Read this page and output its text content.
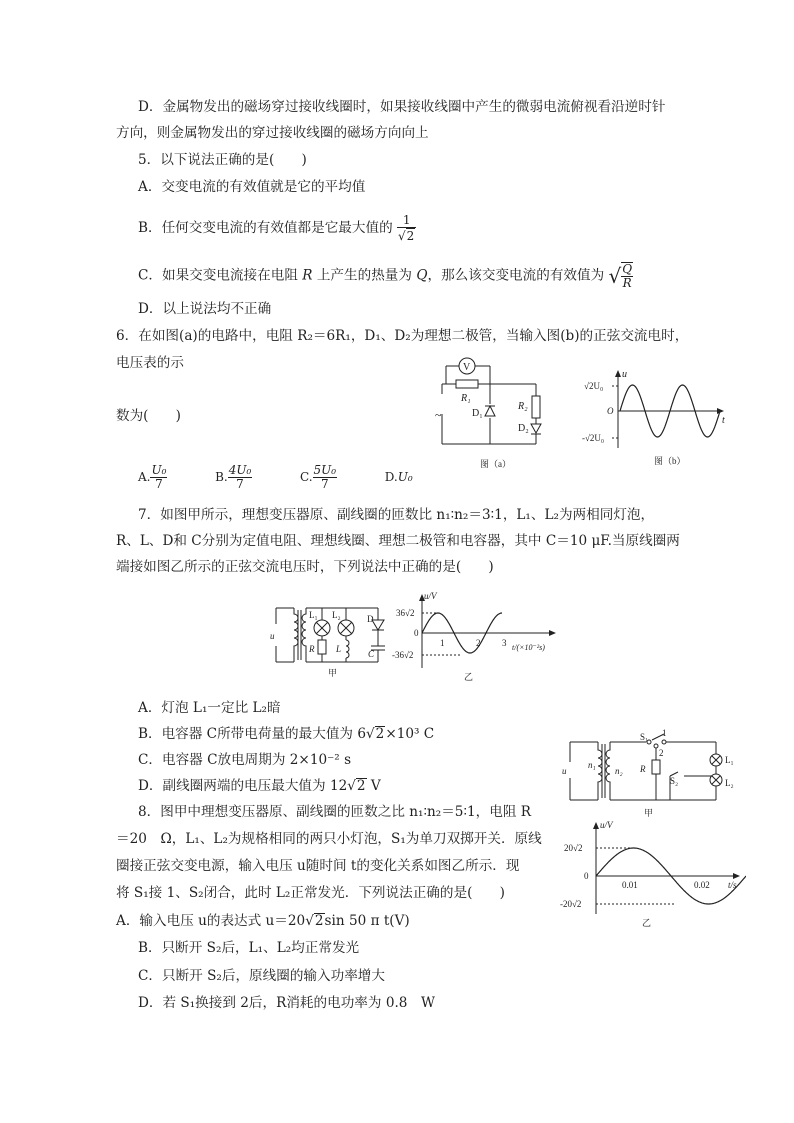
D．金属物发出的磁场穿过接收线圈时，如果接收线圈中产生的微弱电流俯视看沿逆时针
方向，则金属物发出的穿过接收线圈的磁场方向向上
5．以下说法正确的是(　　)
A．交变电流的有效值就是它的平均值
B．任何交变电流的有效值都是它最大值的 $\frac{1}{√2}$
C．如果交变电流接在电阻 R 上产生的热量为 Q，那么该交变电流的有效值为 √ $\frac{Q}{R}$
D．以上说法均不正确
6．在如图(a)的电路中，电阻 R₂＝6R₁，D₁、D₂为理想二极管，当输入图(b)的正弦交流电时，
电压表的示
数为(　　)
V
R₁
R₂
D₁
D₂
~
图（a）
u
√2U₀
O
-√2U₀
t
图（b）
A. $\frac{\text{U₀}}{7}$	B. $\frac{\text{4U₀}}{7}$	C. $\frac{\text{5U₀}}{7}$	D.U₀
7．如图甲所示，理想变压器原、副线圈的匝数比 n₁∶n₂＝3∶1，L₁、L₂为两相同灯泡，
R、L、D和 C分别为定值电阻、理想线圈、理想二极管和电容器，其中 C＝10 μF.当原线圈两
端接如图乙所示的正弦交流电压时，下列说法中正确的是(　　)
u
L₁ L₂	D
R L	C
甲
u/V
36√2
0
-36√2
1	2 3 t/(×10⁻²s)
乙
A．灯泡 L₁一定比 L₂暗
B．电容器 C所带电荷量的最大值为 6√2×10³ C
C．电容器 C放电周期为 2×10⁻² s
D．副线圈两端的电压最大值为 12√2 V
8．图甲中理想变压器原、副线圈的匝数之比 n₁∶n₂＝5∶1，电阻 R
＝20　Ω，L₁、L₂为规格相同的两只小灯泡，S₁为单刀双掷开关．原线
圈接正弦交变电源，输入电压 u随时间 t的变化关系如图乙所示．现
将 S₁接 1、S₂闭合，此时 L₂正常发光．下列说法正确的是(　　)
u
n₁
n₂ R
S₁
S₂
1
2
L₁
L₂
甲
u/V
20√2
0
-20√2
0.01	0.02 t/s
乙
A．输入电压 u的表达式 u＝20√2sin 50 π t(V)
B．只断开 S₂后，L₁、L₂均正常发光
C．只断开 S₂后，原线圈的输入功率增大
D．若 S₁换接到 2后，R消耗的电功率为 0.8　W
